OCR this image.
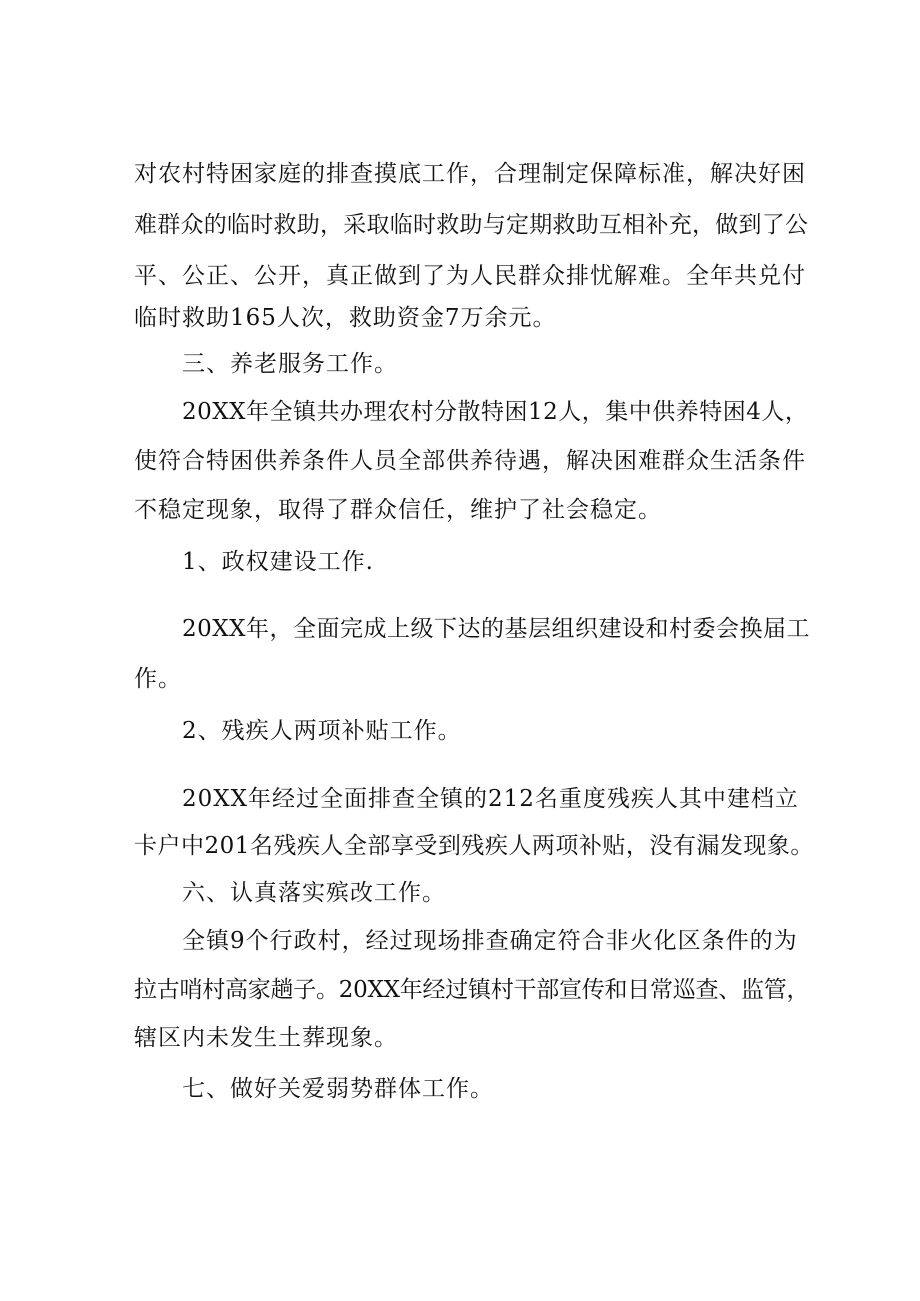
对农村特困家庭的排查摸底工作，合理制定保障标准，解决好困
难群众的临时救助，采取临时救助与定期救助互相补充，做到了公
平、公正、公开，真正做到了为人民群众排忧解难。全年共兑付
临时救助165人次，救助资金7万余元。
三、养老服务工作。
20XX年全镇共办理农村分散特困12人，集中供养特困4人，
使符合特困供养条件人员全部供养待遇，解决困难群众生活条件
不稳定现象，取得了群众信任，维护了社会稳定。
1、政权建设工作.
20XX年，全面完成上级下达的基层组织建设和村委会换届工
作。
2、残疾人两项补贴工作。
20XX年经过全面排查全镇的212名重度残疾人其中建档立
卡户中201名残疾人全部享受到残疾人两项补贴，没有漏发现象。
六、认真落实殡改工作。
全镇9个行政村，经过现场排查确定符合非火化区条件的为
拉古哨村高家趟子。20XX年经过镇村干部宣传和日常巡查、监管，
辖区内未发生土葬现象。
七、做好关爱弱势群体工作。
